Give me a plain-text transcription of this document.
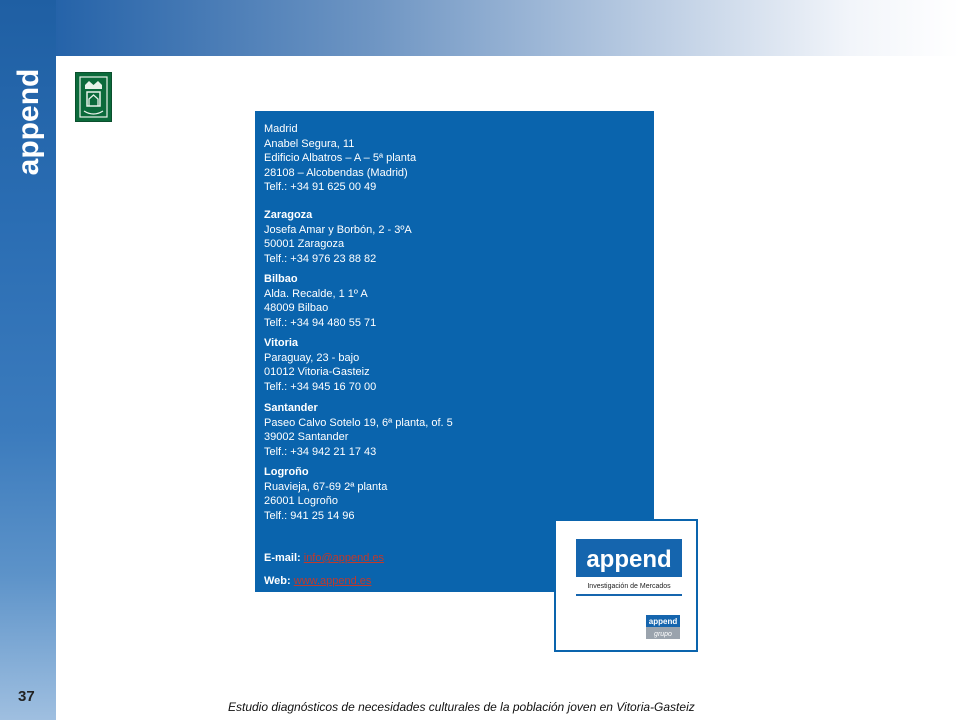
append	Madrid
Anabel Segura, 11
Edificio Albatros – A – 5ª planta
28108 – Alcobendas (Madrid)
Telf.: +34 91 625 00 49
Zaragoza
Josefa Amar y Borbón, 2 - 3ºA
50001 Zaragoza
Telf.: +34 976 23 88 82
Bilbao
Alda. Recalde, 1 1º A
48009 Bilbao
Telf.: +34 94 480 55 71
Vitoria
Paraguay, 23 - bajo
01012 Vitoria-Gasteiz
Telf.: +34 945 16 70 00
Santander
Paseo Calvo Sotelo 19, 6ª planta, of. 5
39002 Santander
Telf.: +34 942 21 17 43
Logroño
Ruavieja, 67-69 2ª planta
26001 Logroño
Telf.: 941 25 14 96
E-mail: info@append.es
Web: www.append.es
append
Investigación de Mercados
append
grupo
37
Estudio diagnósticos de necesidades culturales de la población joven en Vitoria-Gasteiz
